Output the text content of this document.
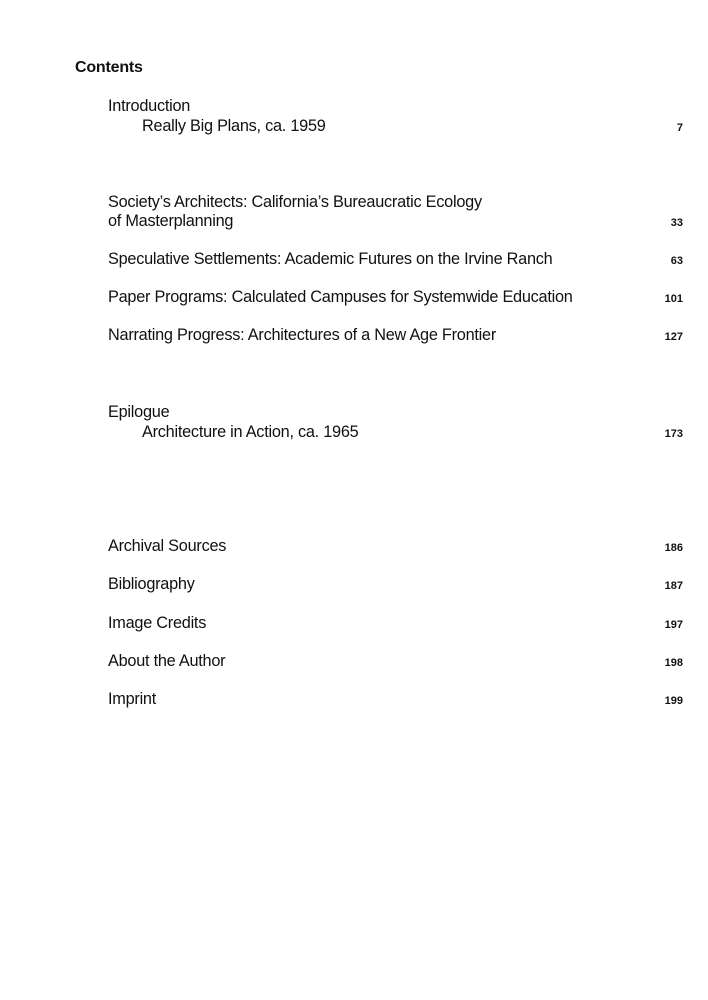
Contents
Introduction
Really Big Plans, ca. 1959	7
Society’s Architects: California’s Bureaucratic Ecology
of Masterplanning	33
Speculative Settlements: Academic Futures on the Irvine Ranch	63
Paper Programs: Calculated Campuses for Systemwide Education	101
Narrating Progress: Architectures of a New Age Frontier	127
Epilogue
Architecture in Action, ca. 1965	173
Archival Sources	186
Bibliography	187
Image Credits	197
About the Author	198
Imprint	199
